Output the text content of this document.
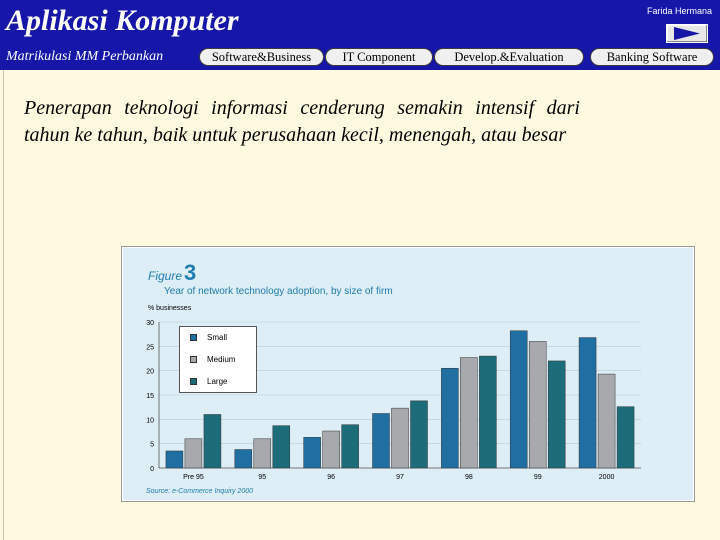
Aplikasi Komputer	Farida Hermana
Matrikulasi MM Perbankan	Software&Business	IT Component	Develop.&Evaluation	Banking Software
Penerapan teknologi informasi cenderung semakin intensif dari tahun ke tahun, baik untuk perusahaan kecil, menengah, atau besar
0
5
10
15
20
25
30
Pre 95	95	96	97	98	99	2000
Figure3
Year of network technology adoption, by size of firm
% businesses
Small
Medium
Large
Source: e-Commerce Inquiry 2000
